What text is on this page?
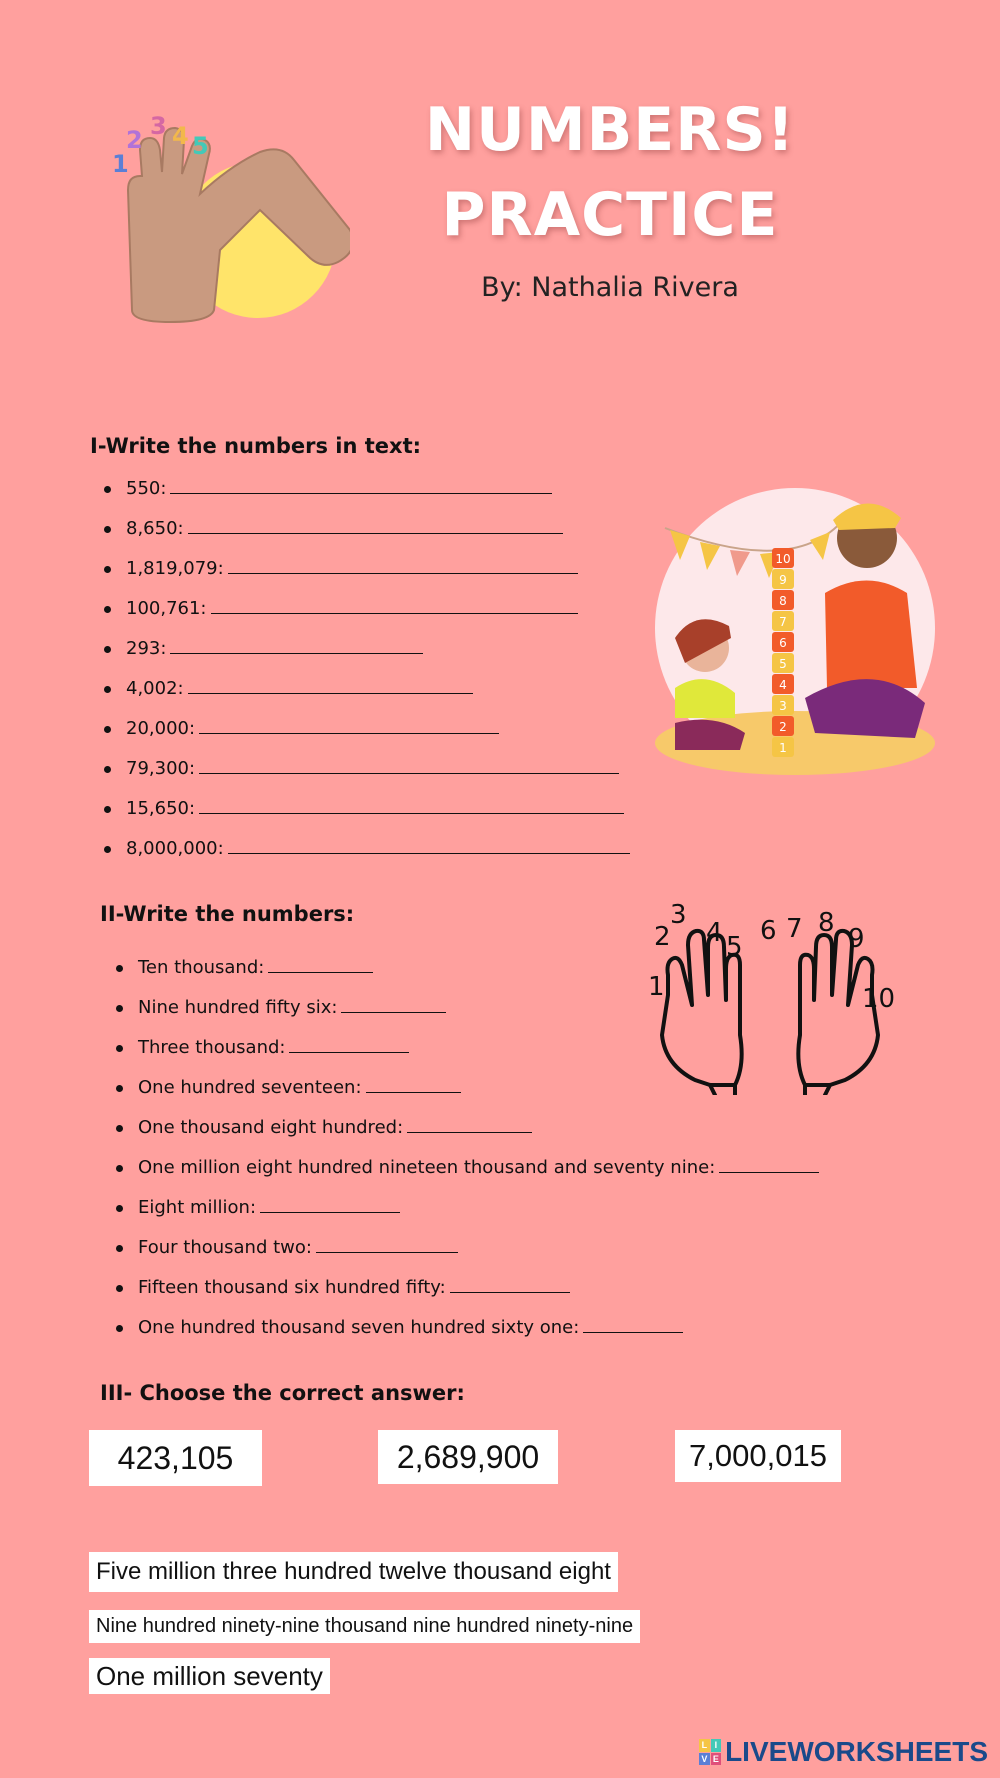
1
2 3 4 5	NUMBERS!
PRACTICE
By: Nathalia Rivera
I-Write the numbers in text:
550:
8,650:
1,819,079:
100,761:
293:
4,002:
20,000:
79,300:
15,650:
8,000,000:
10
9
8
7
6
5
4
3
2
1
II-Write the numbers:
Ten thousand:
Nine hundred fifty six:
Three thousand:
One hundred seventeen:
One thousand eight hundred:
One million eight hundred nineteen thousand and seventy nine:
Eight million:
Four thousand two:
Fifteen thousand six hundred fifty:
One hundred thousand seven hundred sixty one:
1
2
3
4 5
6 7 8
9
10
III- Choose the correct answer:
423,105	2,689,900	7,000,015
Five million three hundred twelve thousand eight
Nine hundred ninety-nine thousand nine hundred ninety-nine
One million seventy
L I
V E LIVEWORKSHEETS
